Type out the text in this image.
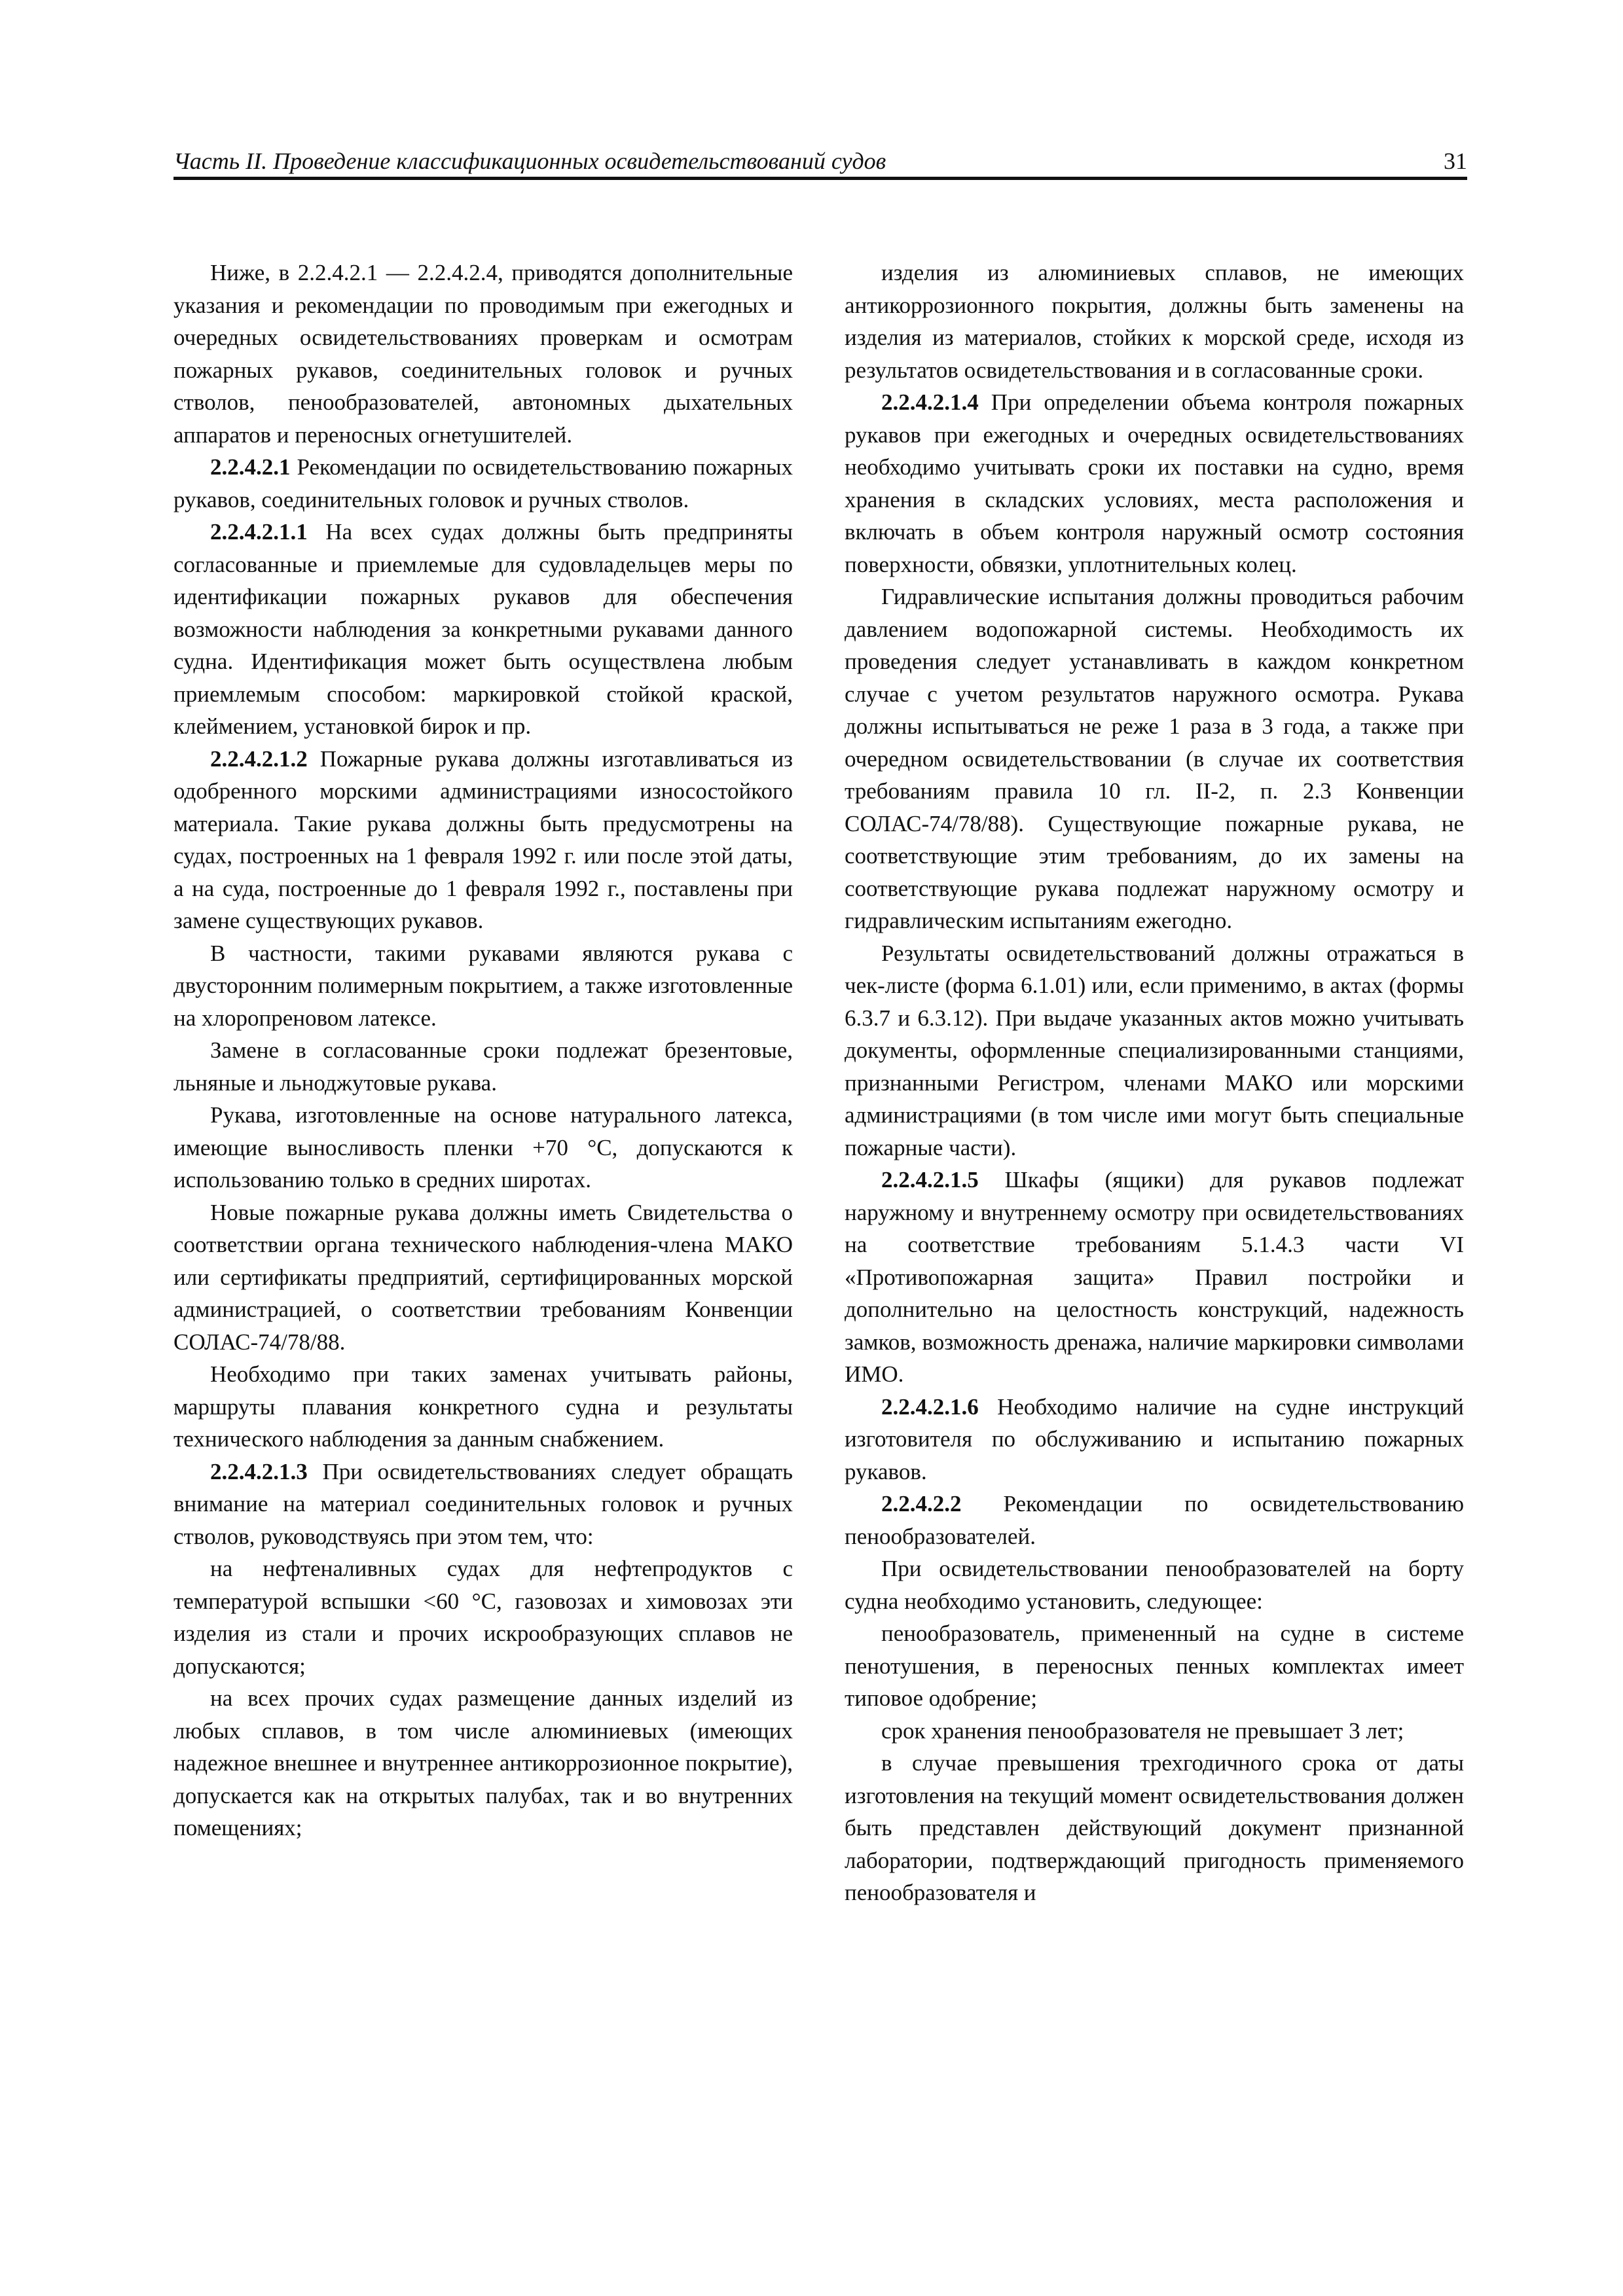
Часть II. Проведение классификационных освидетельствований судов	31

Ниже, в 2.2.4.2.1 — 2.2.4.2.4, приводятся дополнительные указания и рекомендации по проводимым при ежегодных и очередных освидетельствованиях проверкам и осмотрам пожарных рукавов, соединительных головок и ручных стволов, пенообразователей, автономных дыхательных аппаратов и переносных огнетушителей.

2.2.4.2.1 Рекомендации по освидетельствованию пожарных рукавов, соединительных головок и ручных стволов.

2.2.4.2.1.1 На всех судах должны быть предприняты согласованные и приемлемые для судовладельцев меры по идентификации пожарных рукавов для обеспечения возможности наблюдения за конкретными рукавами данного судна. Идентификация может быть осуществлена любым приемлемым способом: маркировкой стойкой краской, клеймением, установкой бирок и пр.

2.2.4.2.1.2 Пожарные рукава должны изготавливаться из одобренного морскими администрациями износостойкого материала. Такие рукава должны быть предусмотрены на судах, построенных на 1 февраля 1992 г. или после этой даты, а на суда, построенные до 1 февраля 1992 г., поставлены при замене существующих рукавов.

В частности, такими рукавами являются рукава с двусторонним полимерным покрытием, а также изготовленные на хлоропреновом латексе.

Замене в согласованные сроки подлежат брезентовые, льняные и льноджутовые рукава.

Рукава, изготовленные на основе натурального латекса, имеющие выносливость пленки +70 °С, допускаются к использованию только в средних широтах.

Новые пожарные рукава должны иметь Свидетельства о соответствии органа технического наблюдения-члена МАКО или сертификаты предприятий, сертифицированных морской администрацией, о соответствии требованиям Конвенции СОЛАС-74/78/88.

Необходимо при таких заменах учитывать районы, маршруты плавания конкретного судна и результаты технического наблюдения за данным снабжением.

2.2.4.2.1.3 При освидетельствованиях следует обращать внимание на материал соединительных головок и ручных стволов, руководствуясь при этом тем, что:

на нефтеналивных судах для нефтепродуктов с температурой вспышки <60 °С, газовозах и химовозах эти изделия из стали и прочих искрообразующих сплавов не допускаются;

на всех прочих судах размещение данных изделий из любых сплавов, в том числе алюминиевых (имеющих надежное внешнее и внутреннее антикоррозионное покрытие), допускается как на открытых палубах, так и во внутренних помещениях;

изделия из алюминиевых сплавов, не имеющих антикоррозионного покрытия, должны быть заменены на изделия из материалов, стойких к морской среде, исходя из результатов освидетельствования и в согласованные сроки.

2.2.4.2.1.4 При определении объема контроля пожарных рукавов при ежегодных и очередных освидетельствованиях необходимо учитывать сроки их поставки на судно, время хранения в складских условиях, места расположения и включать в объем контроля наружный осмотр состояния поверхности, обвязки, уплотнительных колец.

Гидравлические испытания должны проводиться рабочим давлением водопожарной системы. Необходимость их проведения следует устанавливать в каждом конкретном случае с учетом результатов наружного осмотра. Рукава должны испытываться не реже 1 раза в 3 года, а также при очередном освидетельствовании (в случае их соответствия требованиям правила 10 гл. II-2, п. 2.3 Конвенции СОЛАС-74/78/88). Существующие пожарные рукава, не соответствующие этим требованиям, до их замены на соответствующие рукава подлежат наружному осмотру и гидравлическим испытаниям ежегодно.

Результаты освидетельствований должны отражаться в чек-листе (форма 6.1.01) или, если применимо, в актах (формы 6.3.7 и 6.3.12). При выдаче указанных актов можно учитывать документы, оформленные специализированными станциями, признанными Регистром, членами МАКО или морскими администрациями (в том числе ими могут быть специальные пожарные части).

2.2.4.2.1.5 Шкафы (ящики) для рукавов подлежат наружному и внутреннему осмотру при освидетельствованиях на соответствие требованиям 5.1.4.3 части VI «Противопожарная защита» Правил постройки и дополнительно на целостность конструкций, надежность замков, возможность дренажа, наличие маркировки символами ИМО.

2.2.4.2.1.6 Необходимо наличие на судне инструкций изготовителя по обслуживанию и испытанию пожарных рукавов.

2.2.4.2.2 Рекомендации по освидетельствованию пенообразователей.

При освидетельствовании пенообразователей на борту судна необходимо установить, следующее:

пенообразователь, примененный на судне в системе пенотушения, в переносных пенных комплектах имеет типовое одобрение;

срок хранения пенообразователя не превышает 3 лет;

в случае превышения трехгодичного срока от даты изготовления на текущий момент освидетельствования должен быть представлен действующий документ признанной лаборатории, подтверждающий пригодность применяемого пенообразователя и
